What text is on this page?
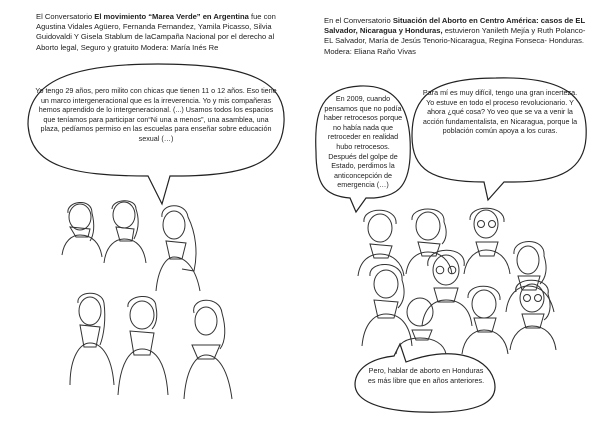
El Conversatorio El movimiento “Marea Verde” en Argentina fue con Agustina Vidales Agüero, Fernanda Fernandez, Yamila Picasso, Silvia Guidovaldi Y Gisela Stablum de laCampaña Nacional por el derecho al Aborto legal, Seguro y gratuito Modera: María Inés Re
Yo tengo 29 años, pero milito con chicas que tienen 11 o 12 años. Eso tiene un marco intergeneracional que es la irreverencia. Yo y mis compañeras hemos aprendido de lo intergeneracional. (...) Usamos todos los espacios que teníamos para participar con“Ni una a menos”, una asamblea, una plaza, pedíamos permiso en las escuelas para enseñar sobre educación sexual (…)
En el Conversatorio Situación del Aborto en Centro América: casos de EL Salvador, Nicaragua y Honduras, estuvieron Yanileth Mejía y Ruth Polanco- EL Salvador, María de Jesús Tenorio-Nicaragua, Regina Fonseca- Honduras. Modera: Eliana Raño Vivas
En 2009, cuando pensamos que no podía haber retrocesos porque no había nada que retroceder en realidad hubo retrocesos. Después del golpe de Estado, perdimos la anticoncepción de emergencia (…)
Para mí es muy difícil, tengo una gran incerteza. Yo estuve en todo el proceso revolucionario. Y ahora ¿qué cosa? Yo veo que se va a venir la acción fundamentalista, en Nicaragua, porque la población común apoya a los curas.
Pero, hablar de aborto en Honduras es más libre que en años anteriores.
